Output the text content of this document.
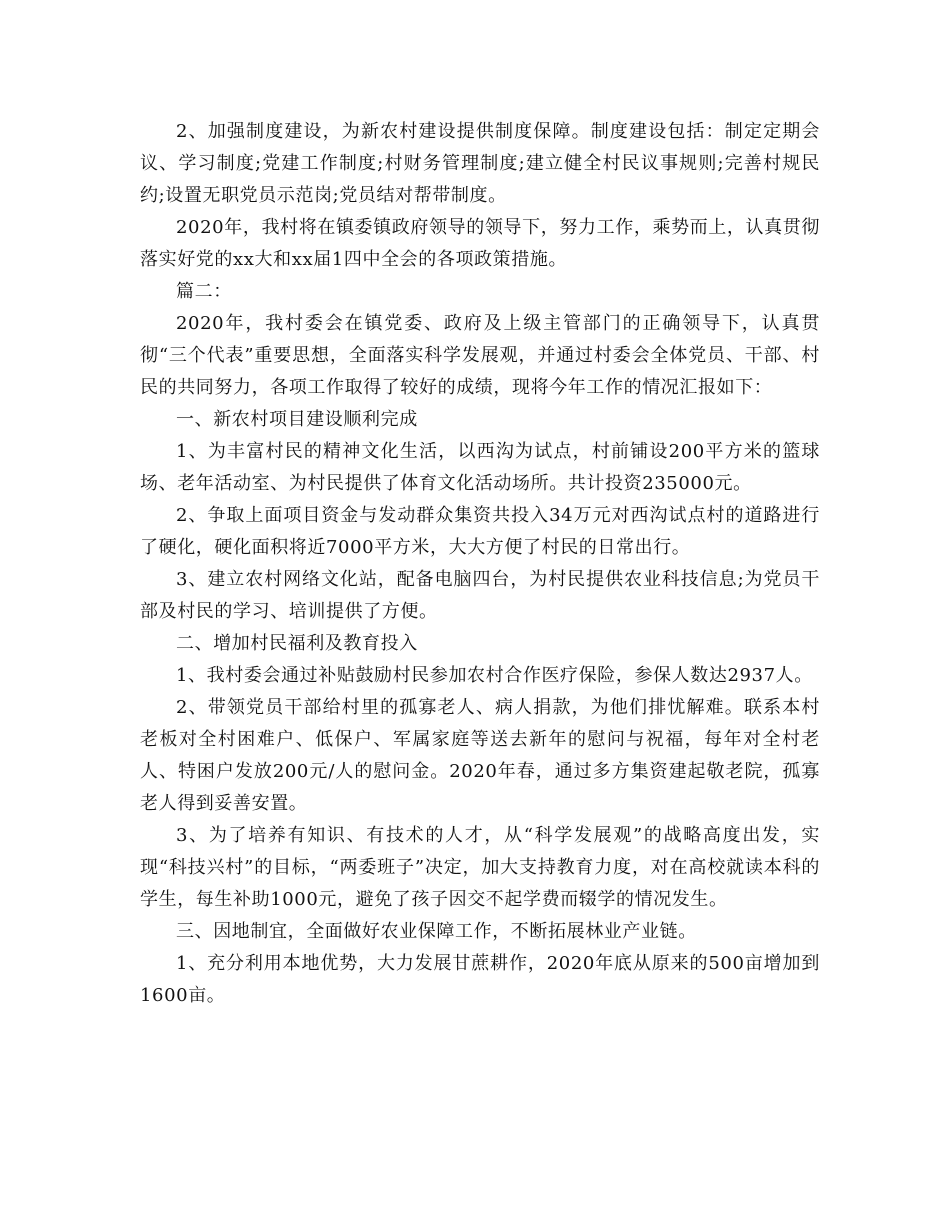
2、加强制度建设，为新农村建设提供制度保障。制度建设包括：制定定期会议、学习制度;党建工作制度;村财务管理制度;建立健全村民议事规则;完善村规民约;设置无职党员示范岗;党员结对帮带制度。

2020年，我村将在镇委镇政府领导的领导下，努力工作，乘势而上，认真贯彻落实好党的xx大和xx届1四中全会的各项政策措施。

篇二：

2020年，我村委会在镇党委、政府及上级主管部门的正确领导下，认真贯彻“三个代表”重要思想，全面落实科学发展观，并通过村委会全体党员、干部、村民的共同努力，各项工作取得了较好的成绩，现将今年工作的情况汇报如下：

一、新农村项目建设顺利完成

1、为丰富村民的精神文化生活，以西沟为试点，村前铺设200平方米的篮球场、老年活动室、为村民提供了体育文化活动场所。共计投资235000元。

2、争取上面项目资金与发动群众集资共投入34万元对西沟试点村的道路进行了硬化，硬化面积将近7000平方米，大大方便了村民的日常出行。

3、建立农村网络文化站，配备电脑四台，为村民提供农业科技信息;为党员干部及村民的学习、培训提供了方便。

二、增加村民福利及教育投入

1、我村委会通过补贴鼓励村民参加农村合作医疗保险，参保人数达2937人。

2、带领党员干部给村里的孤寡老人、病人捐款，为他们排忧解难。联系本村老板对全村困难户、低保户、军属家庭等送去新年的慰问与祝福，每年对全村老人、特困户发放200元/人的慰问金。2020年春，通过多方集资建起敬老院，孤寡老人得到妥善安置。

3、为了培养有知识、有技术的人才，从“科学发展观”的战略高度出发，实现“科技兴村”的目标，“两委班子”决定，加大支持教育力度，对在高校就读本科的学生，每生补助1000元，避免了孩子因交不起学费而辍学的情况发生。

三、因地制宜，全面做好农业保障工作，不断拓展林业产业链。

1、充分利用本地优势，大力发展甘蔗耕作，2020年底从原来的500亩增加到1600亩。
